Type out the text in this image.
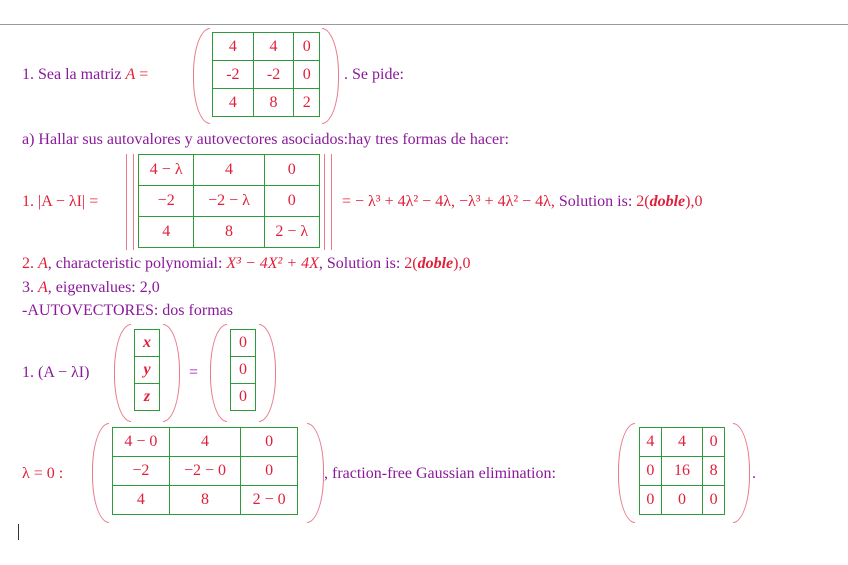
1. Sea la matriz A =
4	4	0
-2	-2	0
4	8	2
. Se pide:
a) Hallar sus autovalores y autovectores asociados:hay tres formas de hacer:
1. |A − λI| =
4 − λ	4	0
−2	−2 − λ	0
4	8	2 − λ
= − λ³ + 4λ² − 4λ, −λ³ + 4λ² − 4λ, Solution is: 2(doble),0
2. A, characteristic polynomial: X³ − 4X² + 4X, Solution is: 2(doble),0
3. A, eigenvalues: 2,0
-AUTOVECTORES: dos formas
1. (A − λI)
x
y
z
=
0
0
0
λ = 0 :
4 − 0	4	0
−2	−2 − 0	0
4	8	2 − 0
, fraction-free Gaussian elimination:
4	4	0
0	16	8
0	0	0
.
